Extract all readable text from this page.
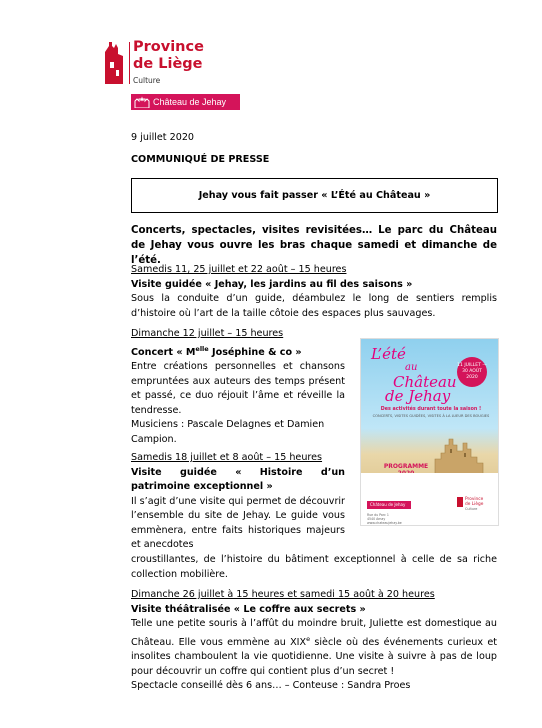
Province
de Liège
Culture
Château de Jehay
9 juillet 2020
COMMUNIQUÉ DE PRESSE
Jehay vous fait passer « L’Été au Château »
Concerts, spectacles, visites revisitées… Le parc du Château de Jehay vous ouvre les bras chaque samedi et dimanche de l’été.
Samedis 11, 25 juillet et 22 août – 15 heures
Visite guidée « Jehay, les jardins au fil des saisons »

Sous la conduite d’un guide, déambulez le long de sentiers remplis d’histoire où l’art de la taille côtoie des espaces plus sauvages.

Dimanche 12 juillet – 15 heures
Concert « $M^{elle}$ Joséphine & co »

Entre créations personnelles et chansons empruntées aux auteurs des temps présent et passé, ce duo réjouit l’âme et réveille la tendresse.

Musiciens : Pascale Delagnes et Damien Campion.

Samedis 18 juillet et 8 août – 15 heures
Visite guidée « Histoire d’un patrimoine exceptionnel »

Il s’agit d’une visite qui permet de découvrir l’ensemble du site de Jehay. Le guide vous emmènera, entre faits historiques majeurs et anecdotes

croustillantes, de l’histoire du bâtiment exceptionnel à celle de sa riche collection mobilière.

Dimanche 26 juillet à 15 heures et samedi 15 août à 20 heures
Visite théâtralisée « Le coffre aux secrets »

Telle une petite souris à l’affût du moindre bruit, Juliette est domestique au Château. Elle vous emmène au XIXe siècle où des événements curieux et insolites chamboulent la vie quotidienne. Une visite à suivre à pas de loup pour découvrir un coffre qui contient plus d’un secret !

Spectacle conseillé dès 6 ans… – Conteuse : Sandra Proes

L’été
au
Château
de Jehay
11 JUILLET — 30 AOÛT 2020
Des activités durant toute la saison !
CONCERTS, VISITES GUIDÉES, VISITES À LA LUEUR DES BOUGIES
PROGRAMME
Château de Jehay
Rue du Parc 1
4540 Amay
www.chateaujehay.be
Province
de Liège
Culture
